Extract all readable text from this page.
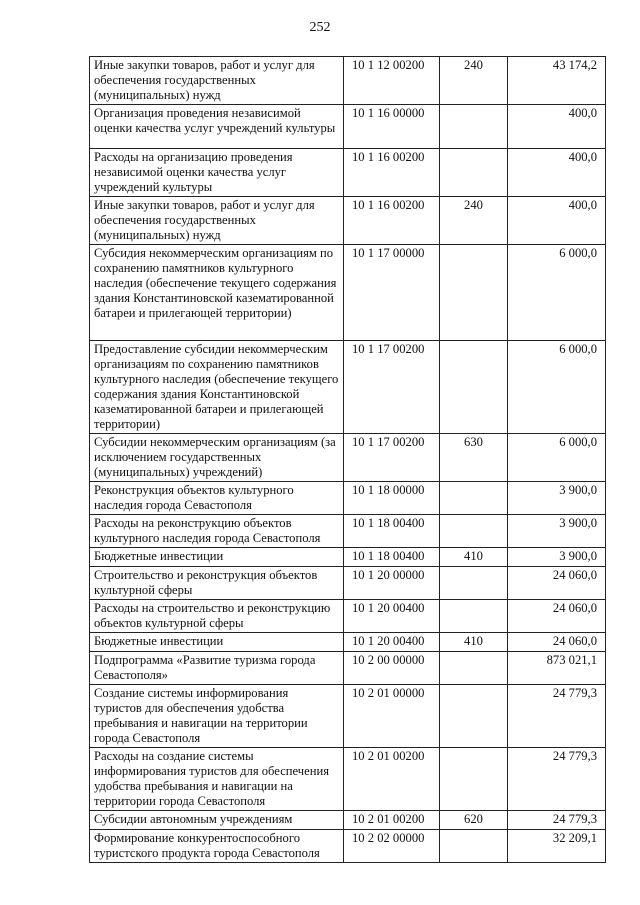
252
Иные закупки товаров, работ и услуг для обеспечения государственных (муниципальных) нужд	10 1 12 00200	240	43 174,2
Организация проведения независимой оценки качества услуг учреждений культуры	10 1 16 00000		400,0
Расходы на организацию проведения независимой оценки качества услуг учреждений культуры	10 1 16 00200		400,0
Иные закупки товаров, работ и услуг для обеспечения государственных (муниципальных) нужд	10 1 16 00200	240	400,0
Субсидия некоммерческим организациям по сохранению памятников культурного наследия (обеспечение текущего содержания здания Константиновской казематированной батареи и прилегающей территории)	10 1 17 00000		6 000,0
Предоставление субсидии некоммерческим организациям по сохранению памятников культурного наследия (обеспечение текущего содержания здания Константиновской казематированной батареи и прилегающей территории)	10 1 17 00200		6 000,0
Субсидии некоммерческим организациям (за исключением государственных (муниципальных) учреждений)	10 1 17 00200	630	6 000,0
Реконструкция объектов культурного наследия города Севастополя	10 1 18 00000		3 900,0
Расходы на реконструкцию объектов культурного наследия города Севастополя	10 1 18 00400		3 900,0
Бюджетные инвестиции	10 1 18 00400	410	3 900,0
Строительство и реконструкция объектов культурной сферы	10 1 20 00000		24 060,0
Расходы на строительство и реконструкцию объектов культурной сферы	10 1 20 00400		24 060,0
Бюджетные инвестиции	10 1 20 00400	410	24 060,0
Подпрограмма «Развитие туризма города Севастополя»	10 2 00 00000		873 021,1
Создание системы информирования туристов для обеспечения удобства пребывания и навигации на территории города Севастополя	10 2 01 00000		24 779,3
Расходы на создание системы информирования туристов для обеспечения удобства пребывания и навигации на территории города Севастополя	10 2 01 00200		24 779,3
Субсидии автономным учреждениям	10 2 01 00200	620	24 779,3
Формирование конкурентоспособного туристского продукта города Севастополя	10 2 02 00000		32 209,1
